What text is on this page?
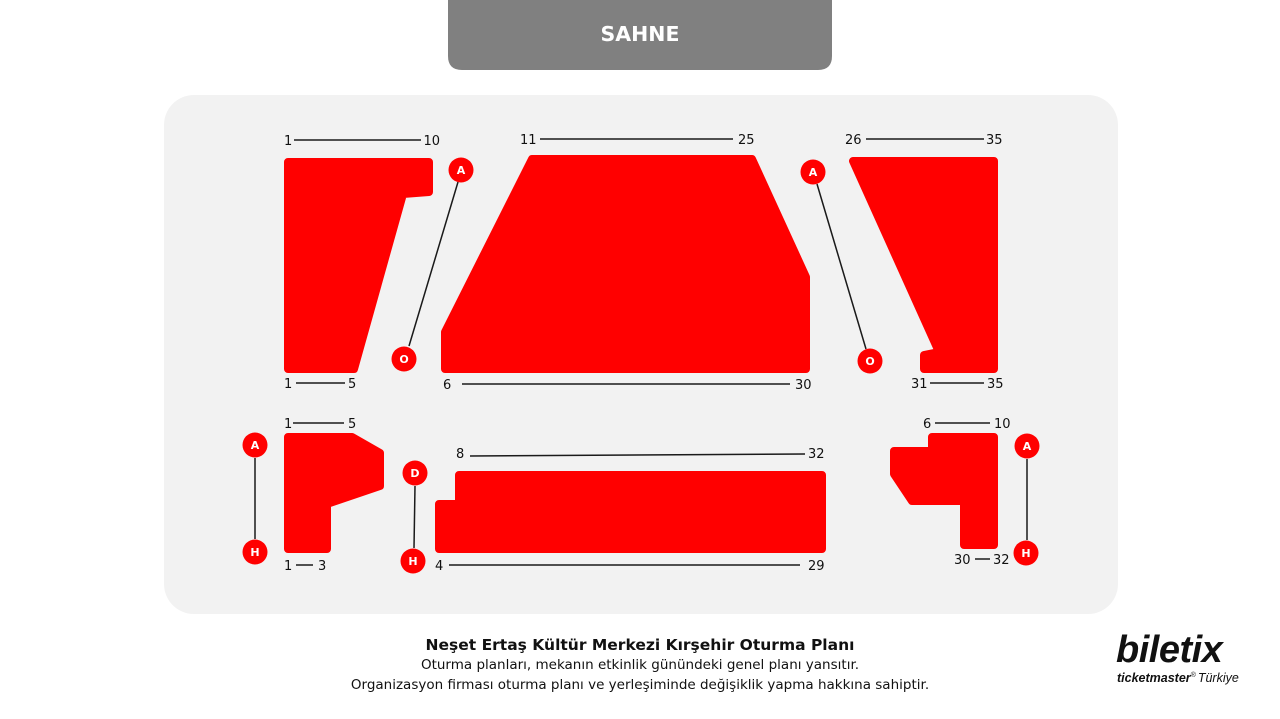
SAHNE
1	10
1	5
A
O
11	25
6	30
A
O
26	35
31	35
1	5
1 3
A
H
8	32
4	29
D
H
6	10
30 32
A
H
Neşet Ertaş Kültür Merkezi Kırşehir Oturma Planı
Oturma planları, mekanın etkinlik günündeki genel planı yansıtır.
Organizasyon firması oturma planı ve yerleşiminde değişiklik yapma hakkına sahiptir.
biletix
ticketmaster® Türkiye
